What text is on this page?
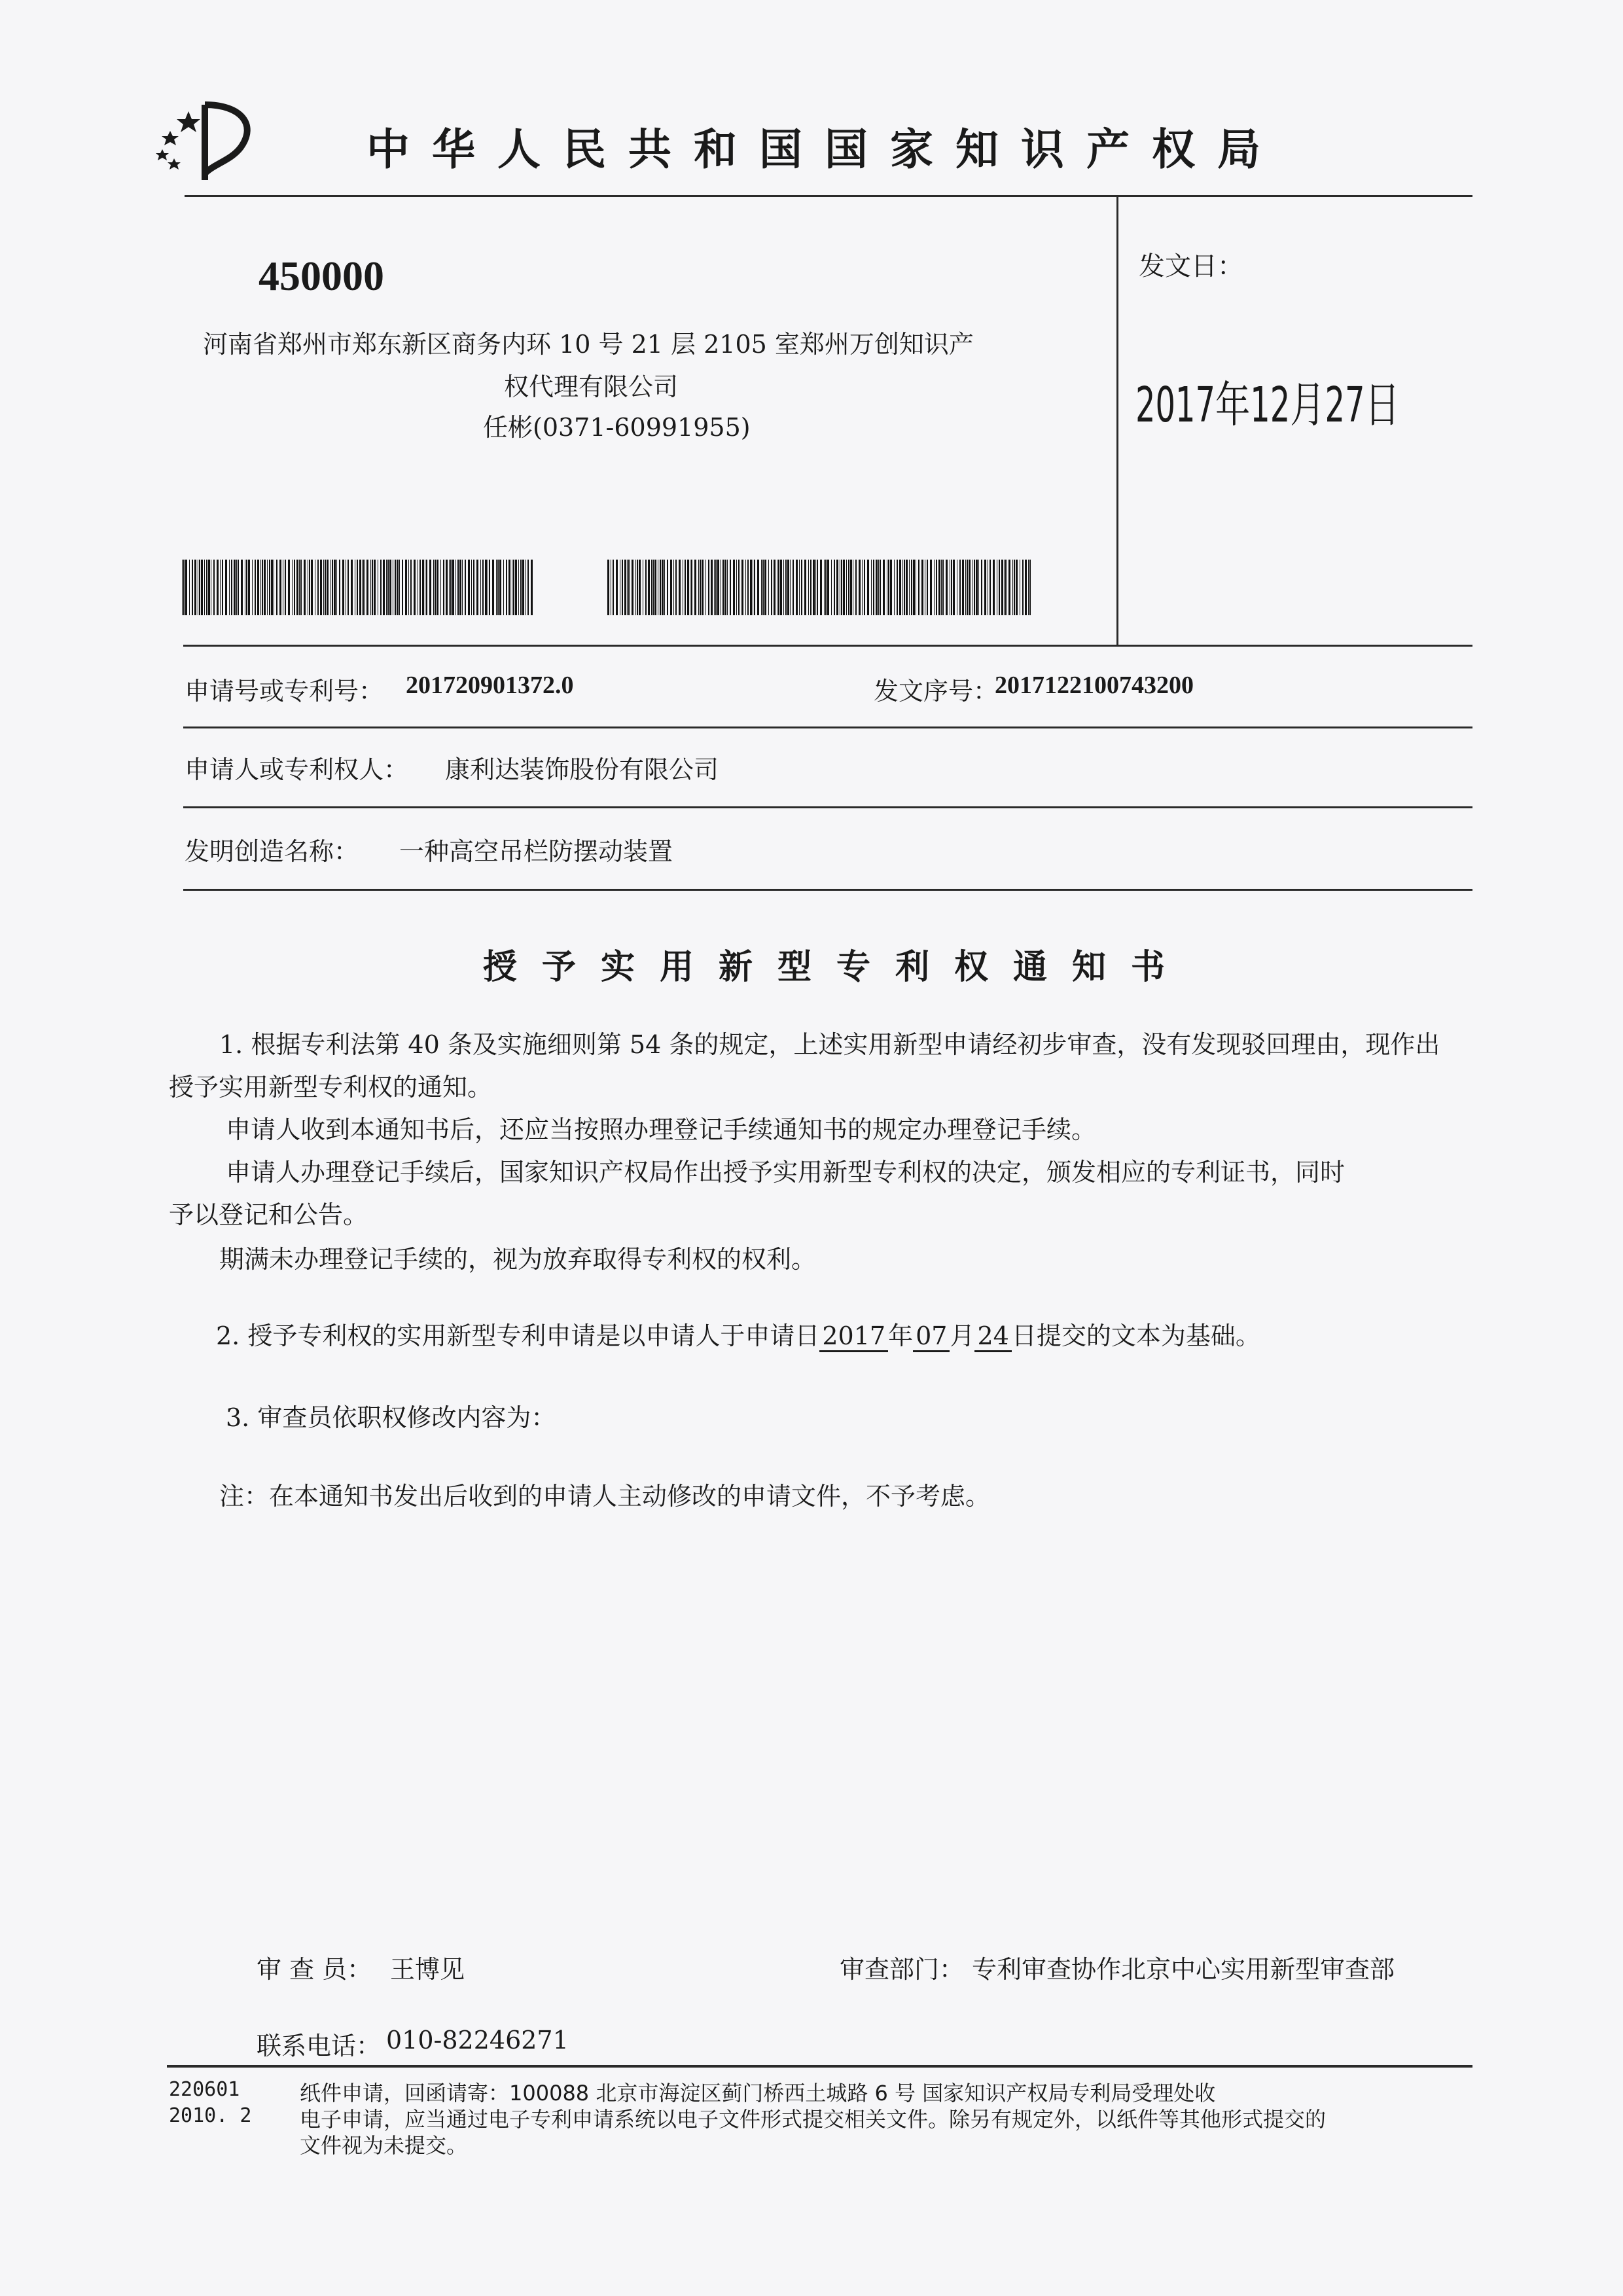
中华人民共和国国家知识产权局
450000
河南省郑州市郑东新区商务内环 10 号 21 层 2105 室郑州万创知识产
权代理有限公司
任彬(0371-60991955)
发文日：
2017年12月27日
申请号或专利号： 201720901372.0	发文序号：
2017122100743200
申请人或专利权人： 康利达装饰股份有限公司
发明创造名称： 一种高空吊栏防摆动装置
授予实用新型专利权通知书
1. 根据专利法第 40 条及实施细则第 54 条的规定，上述实用新型申请经初步审查，没有发现驳回理由，现作出
授予实用新型专利权的通知。
申请人收到本通知书后，还应当按照办理登记手续通知书的规定办理登记手续。
申请人办理登记手续后，国家知识产权局作出授予实用新型专利权的决定，颁发相应的专利证书，同时
予以登记和公告。
期满未办理登记手续的，视为放弃取得专利权的权利。
2. 授予专利权的实用新型专利申请是以申请人于申请日 2017 年 07 月 24 日提交的文本为基础。
3. 审查员依职权修改内容为：
注：在本通知书发出后收到的申请人主动修改的申请文件，不予考虑。
审 查 员： 王博见	审查部门： 专利审查协作北京中心实用新型审查部
联系电话： 010-82246271
220601
2010. 2
纸件申请，回函请寄：100088 北京市海淀区蓟门桥西土城路 6 号 国家知识产权局专利局受理处收
电子申请，应当通过电子专利申请系统以电子文件形式提交相关文件。除另有规定外，以纸件等其他形式提交的
文件视为未提交。
